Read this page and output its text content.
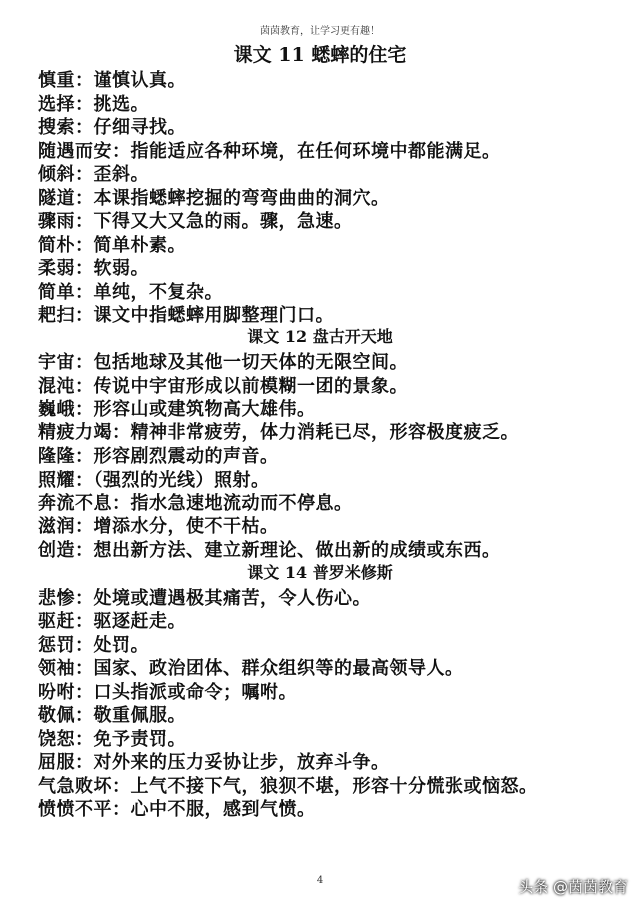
茵茵教育，让学习更有趣！
课文 11 蟋蟀的住宅
慎重：谨慎认真。
选择：挑选。
搜索：仔细寻找。
随遇而安：指能适应各种环境，在任何环境中都能满足。
倾斜：歪斜。
隧道：本课指蟋蟀挖掘的弯弯曲曲的洞穴。
骤雨：下得又大又急的雨。骤，急速。
简朴：简单朴素。
柔弱：软弱。
简单：单纯，不复杂。
耙扫：课文中指蟋蟀用脚整理门口。
课文 12 盘古开天地
宇宙：包括地球及其他一切天体的无限空间。
混沌：传说中宇宙形成以前模糊一团的景象。
巍峨：形容山或建筑物高大雄伟。
精疲力竭：精神非常疲劳，体力消耗已尽，形容极度疲乏。
隆隆：形容剧烈震动的声音。
照耀：（强烈的光线）照射。
奔流不息：指水急速地流动而不停息。
滋润：增添水分，使不干枯。
创造：想出新方法、建立新理论、做出新的成绩或东西。
课文 14 普罗米修斯
悲惨：处境或遭遇极其痛苦，令人伤心。
驱赶：驱逐赶走。
惩罚：处罚。
领袖：国家、政治团体、群众组织等的最高领导人。
吩咐：口头指派或命令；嘱咐。
敬佩：敬重佩服。
饶恕：免予责罚。
屈服：对外来的压力妥协让步，放弃斗争。
气急败坏：上气不接下气，狼狈不堪，形容十分慌张或恼怒。
愤愤不平：心中不服，感到气愤。
4	头条 @茵茵教育
